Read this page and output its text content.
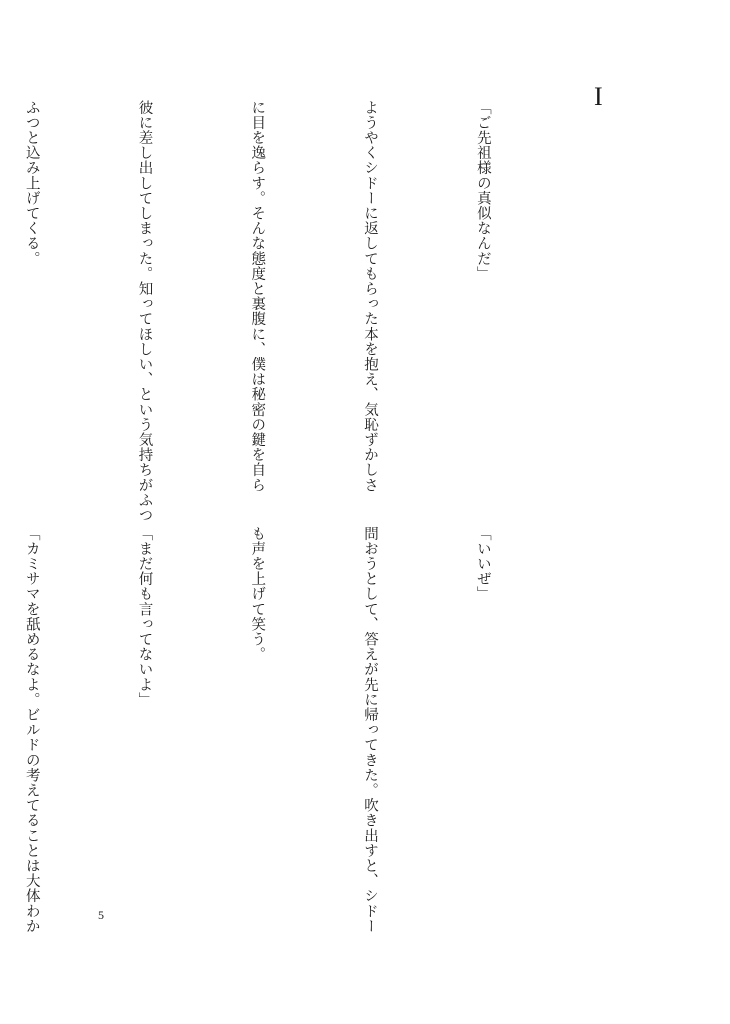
I

「ご先祖様の真似なんだ」

ようやくシドーに返してもらった本を抱え、気恥ずかしさ

に目を逸らす。そんな態度と裏腹に、僕は秘密の鍵を自ら

彼に差し出してしまった。知ってほしい、という気持ちがふつ

ふつと込み上げてくる。

「いいぜ」

問おうとして、答えが先に帰ってきた。吹き出すと、シドー

も声を上げて笑う。

「まだ何も言ってないよ」

「カミサマを舐めるなよ。ビルドの考えてることは大体わか

	5
